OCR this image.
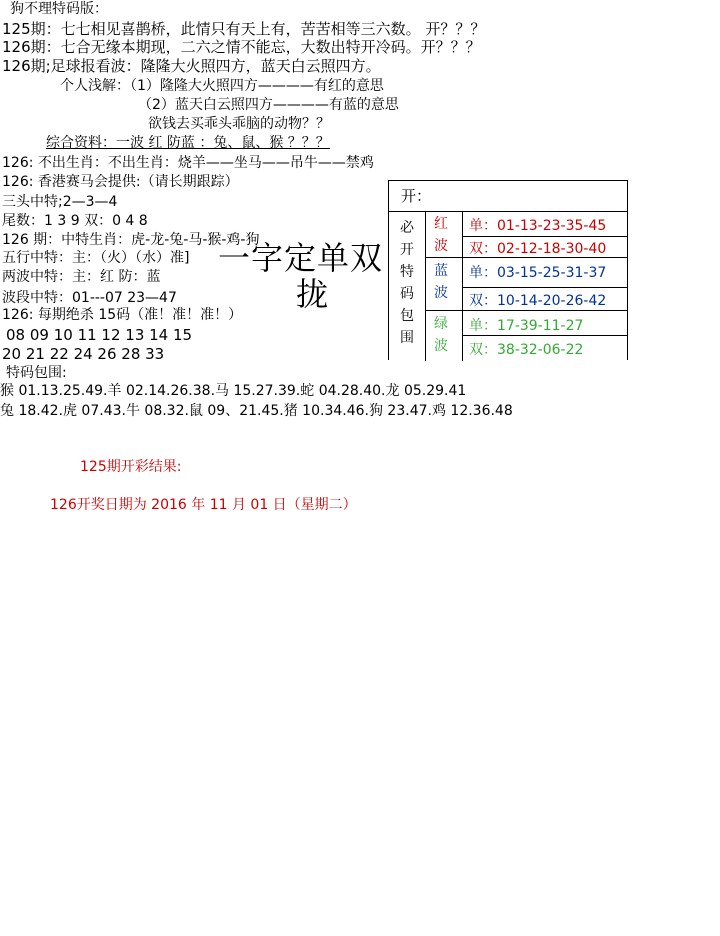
狗不理特码版：
125期：七七相见喜鹊桥，此情只有天上有，苦苦相等三六数。 开？？？
126期：七合无缘本期现，二六之情不能忘，大数出特开冷码。开？？？
126期;足球报看波：隆隆大火照四方，蓝天白云照四方。
个人浅解：（1）隆隆大火照四方————有红的意思
（2）蓝天白云照四方————有蓝的意思
欲钱去买乖头乖脑的动物？？
综合资料：一波 红 防蓝 ：兔、鼠、猴 ？？？
126: 不出生肖：不出生肖：烧羊——坐马——吊牛——禁鸡
126: 香港赛马会提供:（请长期跟踪）
三头中特;2—3—4
尾数：1 3 9 双：0 4 8
126 期：中特生肖：虎-龙-兔-马-猴-鸡-狗
五行中特：主：（火）（水）准]
两波中特：主：红 防：蓝
波段中特：01---07 23—47
126: 每期绝杀 15码（准！准！准！）
08 09 10 11 12 13 14 15
20 21 22 24 26 28 33
特码包围:
猴 01.13.25.49.羊 02.14.26.38.马 15.27.39.蛇 04.28.40.龙 05.29.41
兔 18.42.虎 07.43.牛 08.32.鼠 09、21.45.猪 10.34.46.狗 23.47.鸡 12.36.48
125期开彩结果:
126开奖日期为 2016 年 11 月 01 日（星期二）
一字定单双
拢
开：
必开特码包围
红波
单：01-13-23-35-45
双：02-12-18-30-40
蓝波
单：03-15-25-31-37
双：10-14-20-26-42
绿波
单：17-39-11-27
双：38-32-06-22
